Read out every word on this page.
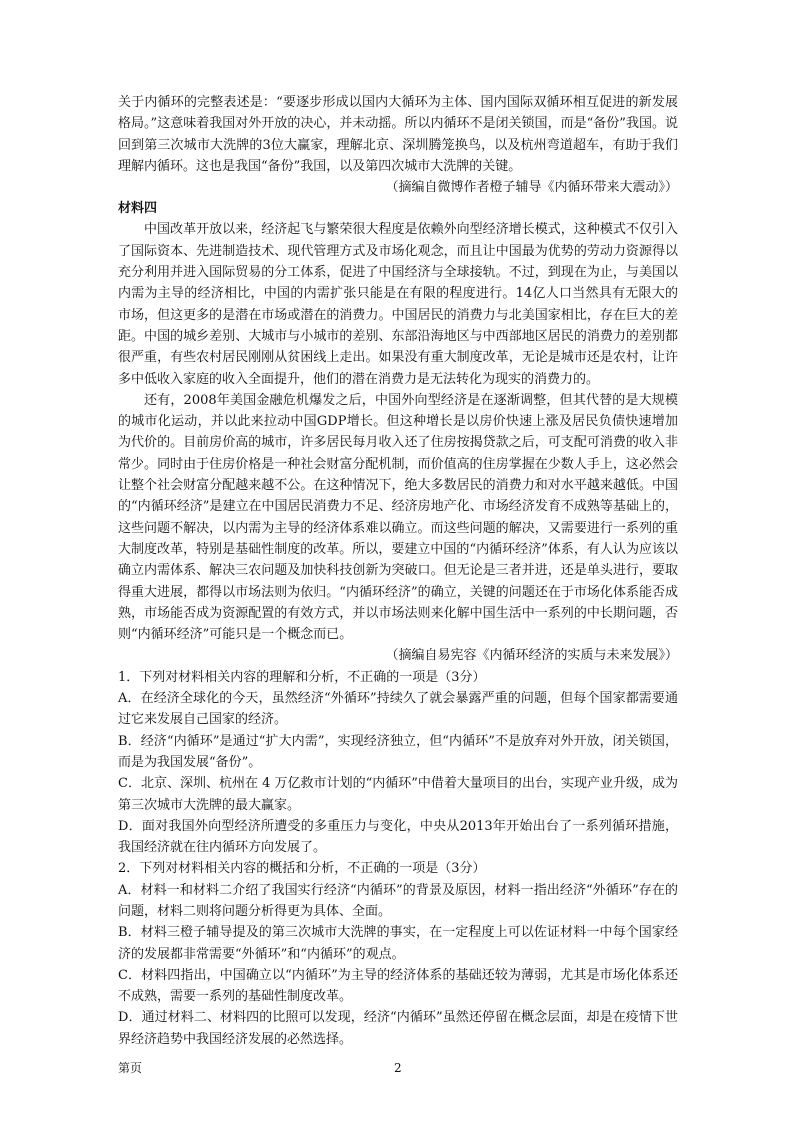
关于内循环的完整表述是：“要逐步形成以国内大循环为主体、国内国际双循环相互促进的新发展格局。”这意味着我国对外开放的决心，并未动摇。所以内循环不是闭关锁国，而是“备份”我国。说回到第三次城市大洗牌的3位大赢家，理解北京、深圳腾笼换鸟，以及杭州弯道超车，有助于我们理解内循环。这也是我国“备份”我国，以及第四次城市大洗牌的关键。

（摘编自微博作者橙子辅导《内循环带来大震动》）

材料四

中国改革开放以来，经济起飞与繁荣很大程度是依赖外向型经济增长模式，这种模式不仅引入了国际资本、先进制造技术、现代管理方式及市场化观念，而且让中国最为优势的劳动力资源得以充分利用并进入国际贸易的分工体系，促进了中国经济与全球接轨。不过，到现在为止，与美国以内需为主导的经济相比，中国的内需扩张只能是在有限的程度进行。14亿人口当然具有无限大的市场，但这更多的是潜在市场或潜在的消费力。中国居民的消费力与北美国家相比，存在巨大的差距。中国的城乡差别、大城市与小城市的差别、东部沿海地区与中西部地区居民的消费力的差别都很严重，有些农村居民刚刚从贫困线上走出。如果没有重大制度改革，无论是城市还是农村，让许多中低收入家庭的收入全面提升，他们的潜在消费力是无法转化为现实的消费力的。

还有，2008年美国金融危机爆发之后，中国外向型经济是在逐渐调整，但其代替的是大规模的城市化运动，并以此来拉动中国GDP增长。但这种增长是以房价快速上涨及居民负债快速增加为代价的。目前房价高的城市，许多居民每月收入还了住房按揭贷款之后，可支配可消费的收入非常少。同时由于住房价格是一种社会财富分配机制，而价值高的住房掌握在少数人手上，这必然会让整个社会财富分配越来越不公。在这种情况下，绝大多数居民的消费力和对水平越来越低。中国的“内循环经济”是建立在中国居民消费力不足、经济房地产化、市场经济发育不成熟等基础上的，这些问题不解决，以内需为主导的经济体系难以确立。而这些问题的解决，又需要进行一系列的重大制度改革，特别是基础性制度的改革。所以，要建立中国的“内循环经济”体系，有人认为应该以确立内需体系、解决三农问题及加快科技创新为突破口。但无论是三者并进，还是单头进行，要取得重大进展，都得以市场法则为依归。“内循环经济”的确立，关键的问题还在于市场化体系能否成熟，市场能否成为资源配置的有效方式，并以市场法则来化解中国生活中一系列的中长期问题，否则“内循环经济”可能只是一个概念而已。

（摘编自易宪容《内循环经济的实质与未来发展》）

1．下列对材料相关内容的理解和分析，不正确的一项是（3分）

A．在经济全球化的今天，虽然经济“外循环”持续久了就会暴露严重的问题，但每个国家都需要通过它来发展自己国家的经济。

B．经济“内循环”是通过“扩大内需”，实现经济独立，但“内循环”不是放弃对外开放，闭关锁国，而是为我国发展“备份”。

C．北京、深圳、杭州在 4 万亿救市计划的“内循环”中借着大量项目的出台，实现产业升级，成为第三次城市大洗牌的最大赢家。

D．面对我国外向型经济所遭受的多重压力与变化，中央从2013年开始出台了一系列循环措施，我国经济就在往内循环方向发展了。

2．下列对材料相关内容的概括和分析，不正确的一项是（3分）

A．材料一和材料二介绍了我国实行经济“内循环”的背景及原因，材料一指出经济“外循环”存在的问题，材料二则将问题分析得更为具体、全面。

B．材料三橙子辅导提及的第三次城市大洗牌的事实，在一定程度上可以佐证材料一中每个国家经济的发展都非常需要“外循环”和“内循环”的观点。

C．材料四指出，中国确立以“内循环”为主导的经济体系的基础还较为薄弱，尤其是市场化体系还不成熟，需要一系列的基础性制度改革。

D．通过材料二、材料四的比照可以发现，经济“内循环”虽然还停留在概念层面，却是在疫情下世界经济趋势中我国经济发展的必然选择。

第页	2
